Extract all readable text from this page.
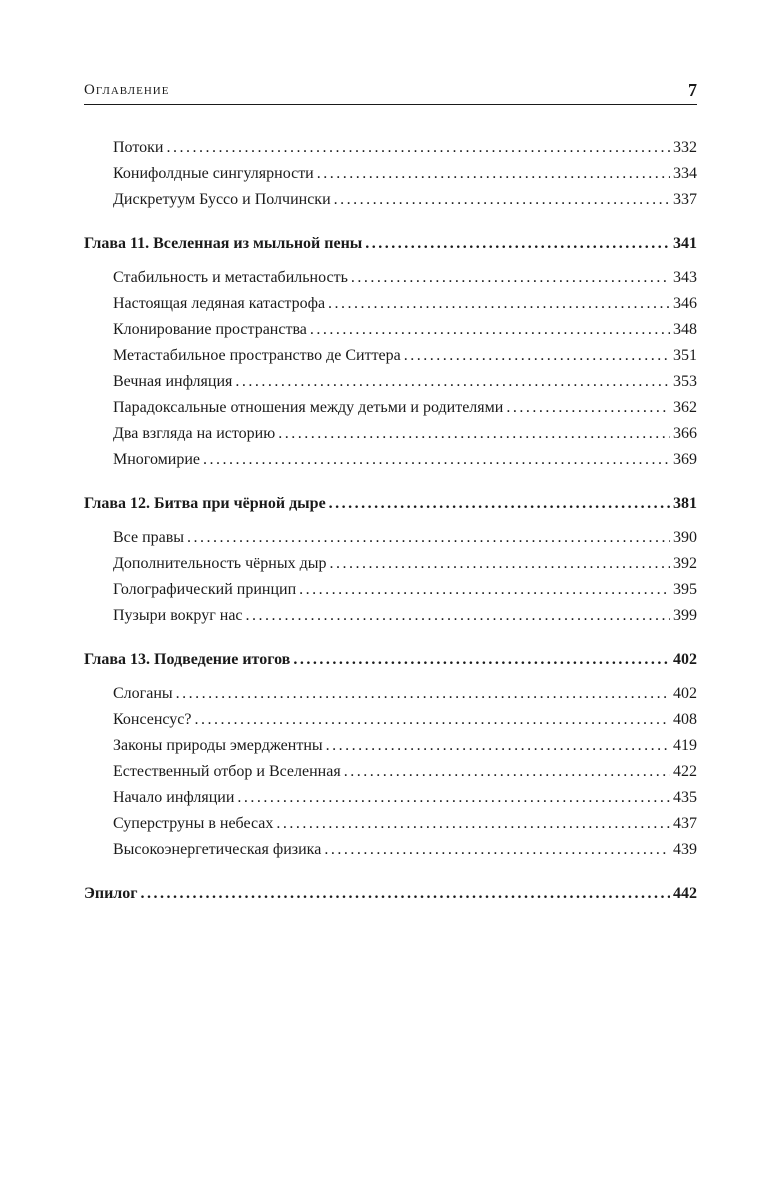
Оглавление	7
Потоки . . .	332
Конифолдные сингулярности . . .	334
Дискретуум Буссо и Полчински . . .	337
Глава 11. Вселенная из мыльной пены . . .	341
Стабильность и метастабильность . . .	343
Настоящая ледяная катастрофа . . .	346
Клонирование пространства . . .	348
Метастабильное пространство де Ситтера . . .	351
Вечная инфляция . . .	353
Парадоксальные отношения между детьми и родителями . . .	362
Два взгляда на историю . . .	366
Многомирие . . .	369
Глава 12. Битва при чёрной дыре . . .	381
Все правы . . .	390
Дополнительность чёрных дыр . . .	392
Голографический принцип . . .	395
Пузыри вокруг нас . . .	399
Глава 13. Подведение итогов . . .	402
Слоганы . . .	402
Консенсус? . . .	408
Законы природы эмерджентны . . .	419
Естественный отбор и Вселенная . . .	422
Начало инфляции . . .	435
Суперструны в небесах . . .	437
Высокоэнергетическая физика . . .	439
Эпилог . . .	442
